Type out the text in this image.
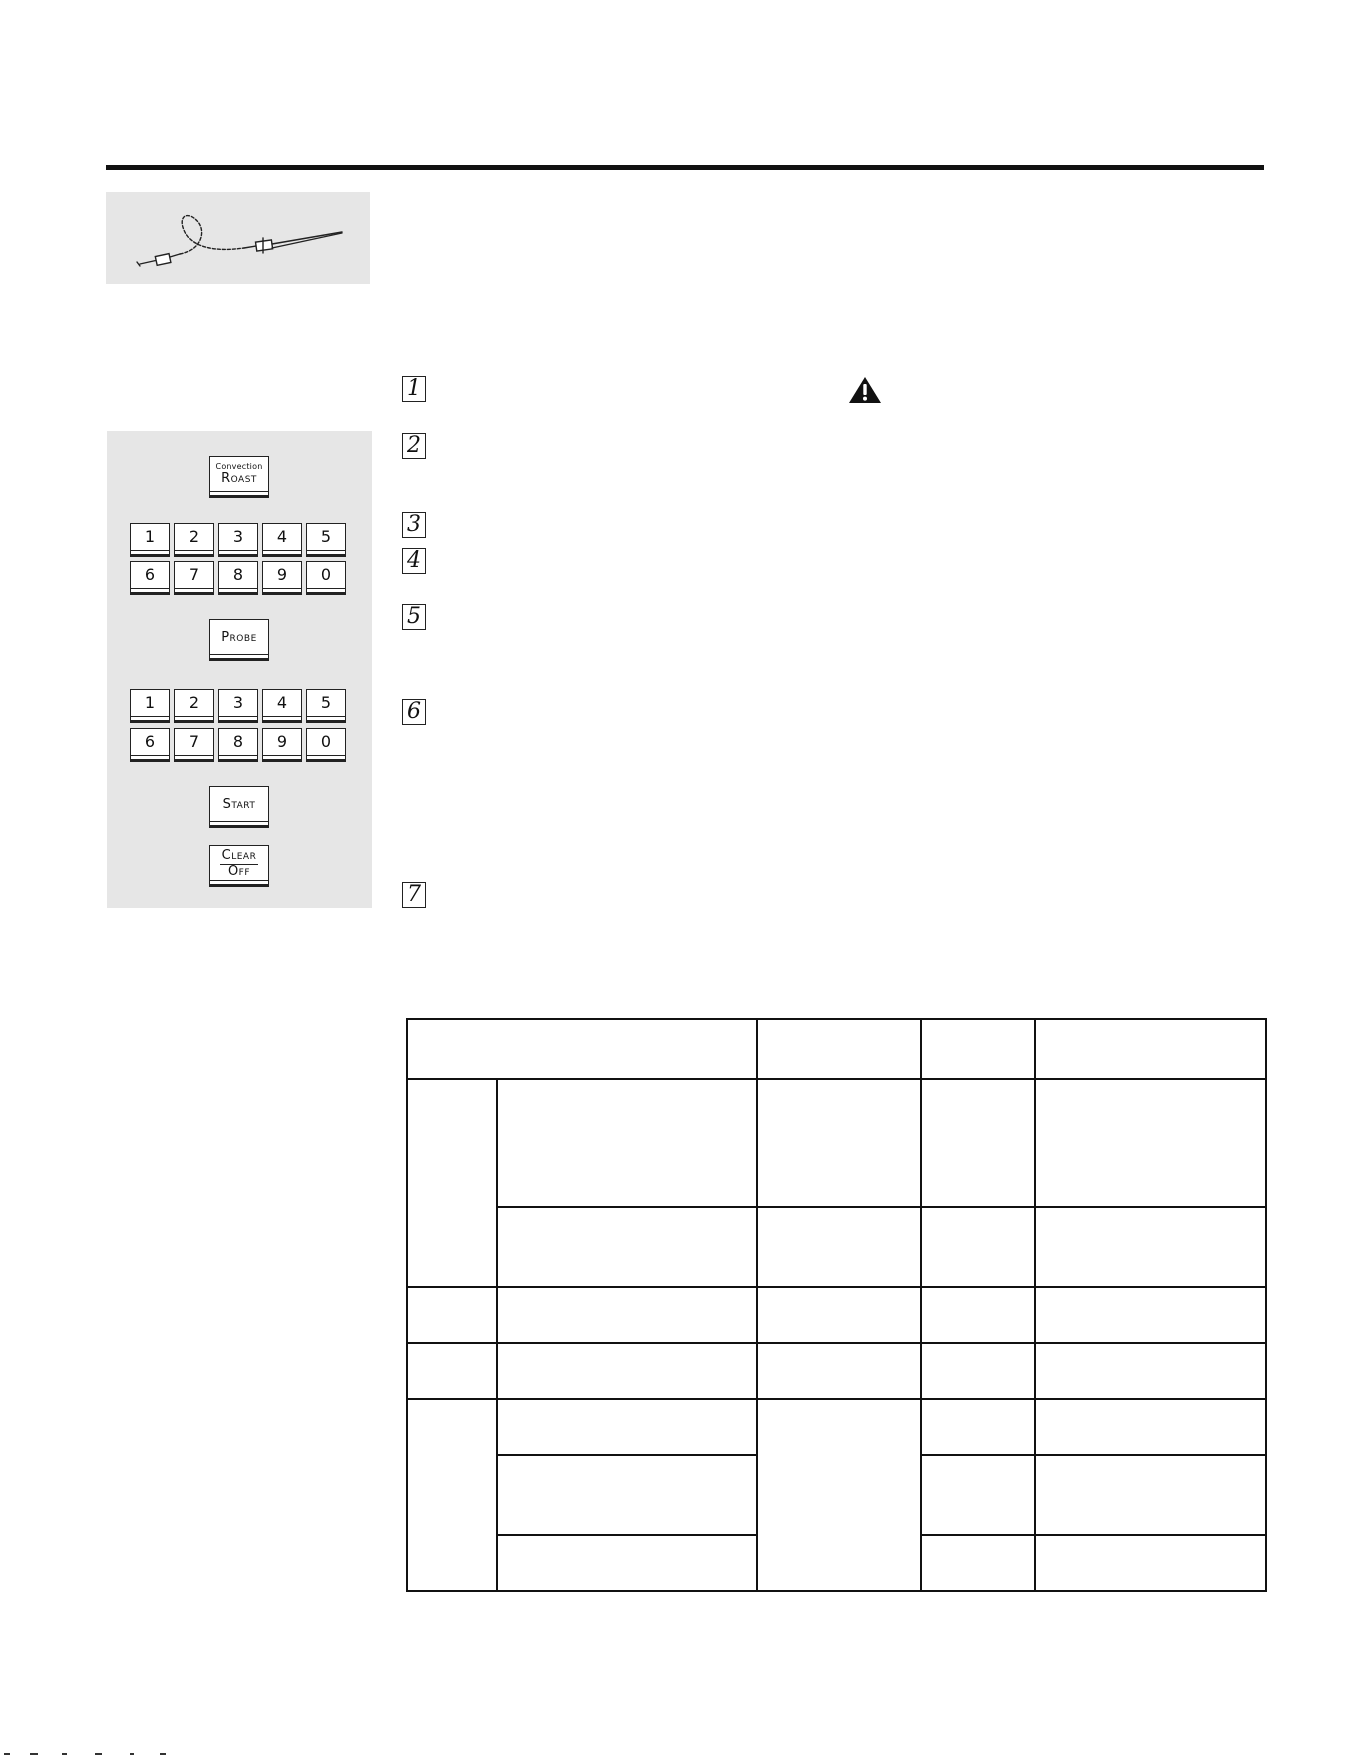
Convection
Roast
1	2	3	4	5
6	7	8	9	0
Probe
1	2	3	4	5
6	7	8	9	0
Start
Clear
Off
1
2
3
4
5
6
7
